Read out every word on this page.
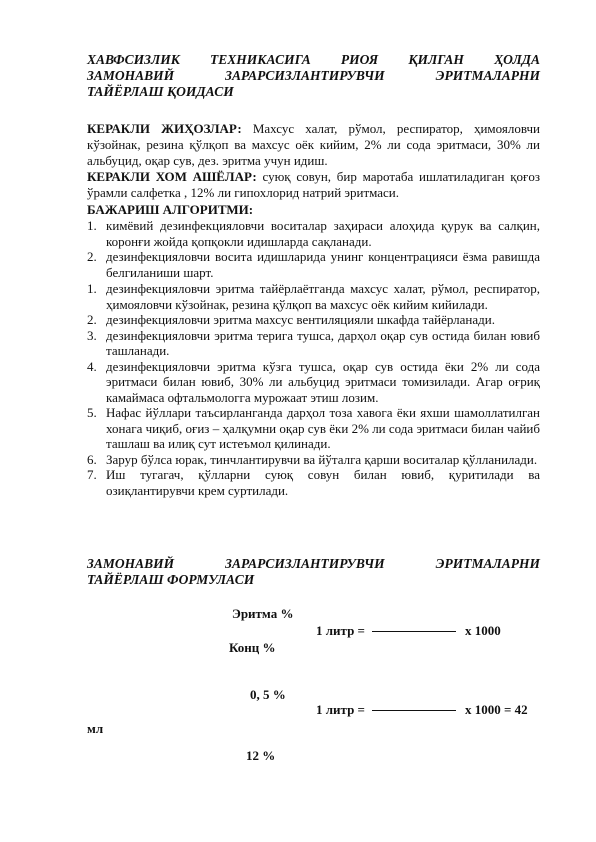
ХАВФСИЗЛИК ТЕХНИКАСИГА РИОЯ ҚИЛГАН ҲОЛДА
ЗАМОНАВИЙ ЗАРАРСИЗЛАНТИРУВЧИ ЭРИТМАЛАРНИ
ТАЙЁРЛАШ ҚОИДАСИ
КЕРАКЛИ ЖИҲОЗЛАР: Махсус халат, рўмол, респиратор, ҳимояловчи кўзойнак, резина қўлқоп ва махсус оёк кийим, 2% ли сода эритмаси, 30% ли альбуцид, оқар сув, дез. эритма учун идиш.
КЕРАКЛИ ХОМ АШЁЛАР: суюқ совун, бир маротаба ишлатиладиган қоғоз ўрамли салфетка , 12% ли гипохлорид натрий эритмаси.
БАЖАРИШ АЛГОРИТМИ:
1. кимёвий дезинфекцияловчи воситалар заҳираси алоҳида қурук ва салқин, коронғи жойда қопқокли идишларда сақланади.
2. дезинфекцияловчи восита идишларида унинг концентрацияси ёзма равишда белгиланиши шарт.
1. дезинфекцияловчи эритма тайёрлаётганда махсус халат, рўмол, респиратор, ҳимояловчи кўзойнак, резина қўлқоп ва махсус оёк кийим кийилади.
2. дезинфекцияловчи эритма махсус вентиляцияли шкафда тайёрланади.
3. дезинфекцияловчи эритма терига тушса, дарҳол оқар сув остида билан ювиб ташланади.
4. дезинфекцияловчи эритма кўзга тушса, оқар сув остида ёки 2% ли сода эритмаси билан ювиб, 30% ли альбуцид эритмаси томизилади. Агар оғриқ камаймаса офтальмологга мурожаат этиш лозим.
5. Нафас йўллари таъсирланганда дарҳол тоза хавога ёки яхши шамоллатилган хонага чиқиб, оғиз – ҳалқумни оқар сув ёки 2% ли сода эритмаси билан чайиб ташлаш ва илиқ сут истеъмол қилинади.
6. Зарур бўлса юрак, тинчлантирувчи ва йўталга қарши воситалар қўлланилади.
7. Иш тугагач, қўлларни суюқ совун билан ювиб, қуритилади ва озиқлантирувчи крем суртилади.
ЗАМОНАВИЙ ЗАРАРСИЗЛАНТИРУВЧИ ЭРИТМАЛАРНИ
ТАЙЁРЛАШ ФОРМУЛАСИ
Эритма %
1 литр =	х 1000
Конц %
0, 5 %
1 литр =	х 1000 = 42
мл
12 %
